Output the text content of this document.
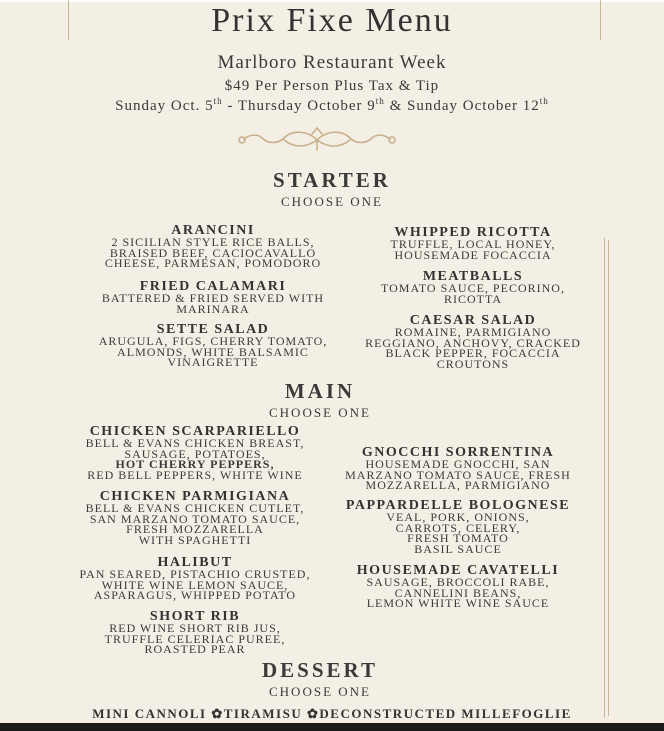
Prix Fixe Menu
Marlboro Restaurant Week
$49 Per Person Plus Tax & Tip
Sunday Oct. 5th - Thursday October 9th & Sunday October 12th
STARTER
CHOOSE ONE
ARANCINI
2 SICILIAN STYLE RICE BALLS,
BRAISED BEEF, CACIOCAVALLO
CHEESE, PARMESAN, POMODORO
FRIED CALAMARI
BATTERED & FRIED SERVED WITH
MARINARA
SETTE SALAD
ARUGULA, FIGS, CHERRY TOMATO,
ALMONDS, WHITE BALSAMIC
VINAIGRETTE
WHIPPED RICOTTA
TRUFFLE, LOCAL HONEY,
HOUSEMADE FOCACCIA
MEATBALLS
TOMATO SAUCE, PECORINO,
RICOTTA
CAESAR SALAD
ROMAINE, PARMIGIANO
REGGIANO, ANCHOVY, CRACKED
BLACK PEPPER, FOCACCIA
CROUTONS
MAIN
CHOOSE ONE
CHICKEN SCARPARIELLO
BELL & EVANS CHICKEN BREAST,
SAUSAGE, POTATOES,
HOT CHERRY PEPPERS,
RED BELL PEPPERS, WHITE WINE
CHICKEN PARMIGIANA
BELL & EVANS CHICKEN CUTLET,
SAN MARZANO TOMATO SAUCE,
FRESH MOZZARELLA
WITH SPAGHETTI
HALIBUT
PAN SEARED, PISTACHIO CRUSTED,
WHITE WINE LEMON SAUCE,
ASPARAGUS, WHIPPED POTATO
SHORT RIB
RED WINE SHORT RIB JUS,
TRUFFLE CELERIAC PUREE,
ROASTED PEAR
GNOCCHI SORRENTINA
HOUSEMADE GNOCCHI, SAN
MARZANO TOMATO SAUCE, FRESH
MOZZARELLA, PARMIGIANO
PAPPARDELLE BOLOGNESE
VEAL, PORK, ONIONS,
CARROTS, CELERY,
FRESH TOMATO
BASIL SAUCE
HOUSEMADE CAVATELLI
SAUSAGE, BROCCOLI RABE,
CANNELINI BEANS,
LEMON WHITE WINE SAUCE
DESSERT
CHOOSE ONE
MINI CANNOLI ✿TIRAMISU ✿DECONSTRUCTED MILLEFOGLIE
